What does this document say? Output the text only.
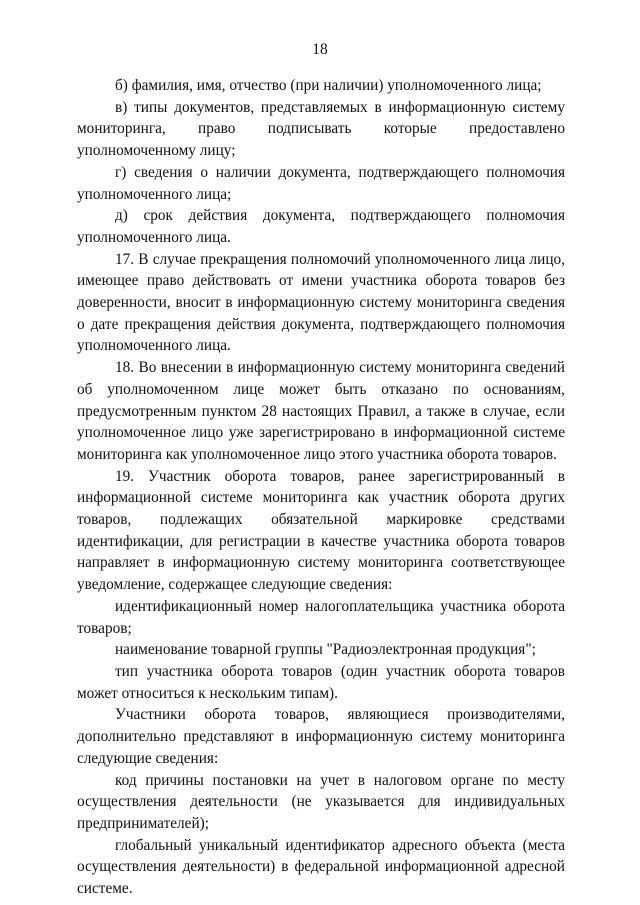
18

б) фамилия, имя, отчество (при наличии) уполномоченного лица;

в) типы документов, представляемых в информационную систему мониторинга, право подписывать которые предоставлено уполномоченному лицу;

г) сведения о наличии документа, подтверждающего полномочия уполномоченного лица;

д) срок действия документа, подтверждающего полномочия уполномоченного лица.

17. В случае прекращения полномочий уполномоченного лица лицо, имеющее право действовать от имени участника оборота товаров без доверенности, вносит в информационную систему мониторинга сведения о дате прекращения действия документа, подтверждающего полномочия уполномоченного лица.

18. Во внесении в информационную систему мониторинга сведений об уполномоченном лице может быть отказано по основаниям, предусмотренным пунктом 28 настоящих Правил, а также в случае, если уполномоченное лицо уже зарегистрировано в информационной системе мониторинга как уполномоченное лицо этого участника оборота товаров.

19. Участник оборота товаров, ранее зарегистрированный в информационной системе мониторинга как участник оборота других товаров, подлежащих обязательной маркировке средствами идентификации, для регистрации в качестве участника оборота товаров направляет в информационную систему мониторинга соответствующее уведомление, содержащее следующие сведения:

идентификационный номер налогоплательщика участника оборота товаров;

наименование товарной группы "Радиоэлектронная продукция";

тип участника оборота товаров (один участник оборота товаров может относиться к нескольким типам).

Участники оборота товаров, являющиеся производителями, дополнительно представляют в информационную систему мониторинга следующие сведения:

код причины постановки на учет в налоговом органе по месту осуществления деятельности (не указывается для индивидуальных предпринимателей);

глобальный уникальный идентификатор адресного объекта (места осуществления деятельности) в федеральной информационной адресной системе.
